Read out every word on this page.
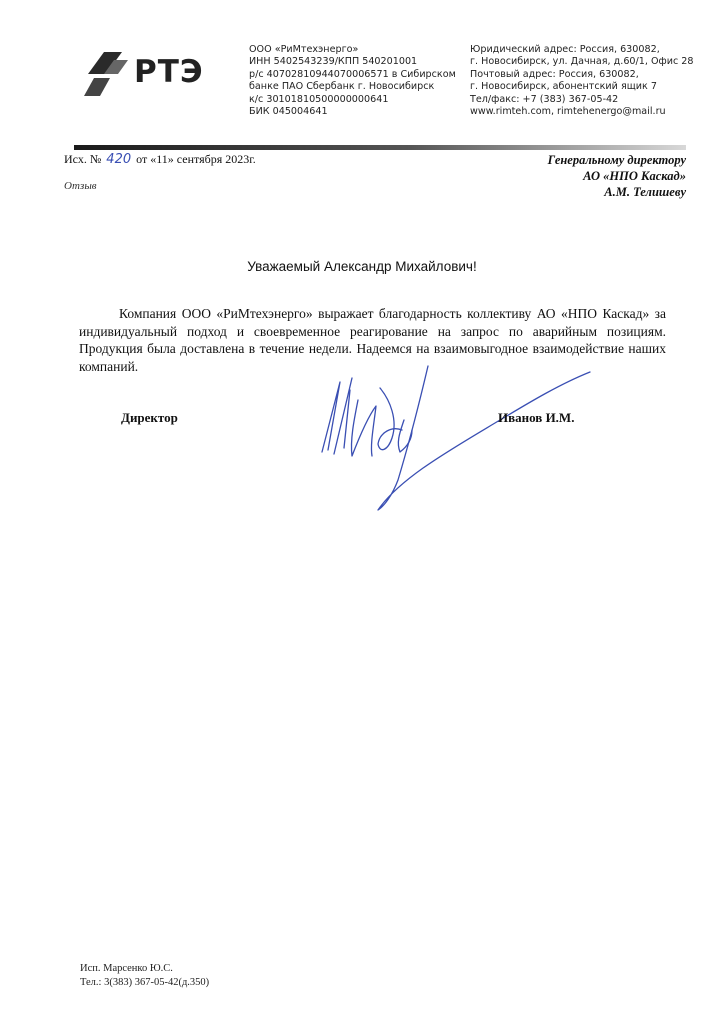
РТЭ
ООО «РиМтехэнерго»
ИНН 5402543239/КПП 540201001
р/с 40702810944070006571 в Сибирском
банке ПАО Сбербанк г. Новосибирск
к/с 30101810500000000641
БИК 045004641
Юридический адрес: Россия, 630082,
г. Новосибирск, ул. Дачная, д.60/1, Офис 28
Почтовый адрес: Россия, 630082,
г. Новосибирск, абонентский ящик 7
Тел/факс: +7 (383) 367-05-42
www.rimteh.com, rimtehenergo@mail.ru
Исх. № 420 от «11» сентября 2023г.
Отзыв
Генеральному директору
АО «НПО Каскад»
А.М. Телишеву
Уважаемый Александр Михайлович!
Компания ООО «РиМтехэнерго» выражает благодарность коллективу АО «НПО Каскад» за индивидуальный подход и своевременное реагирование на запрос по аварийным позициям. Продукция была доставлена в течение недели. Надеемся на взаимовыгодное взаимодействие наших компаний.
Директор	Иванов И.М.
Исп. Марсенко Ю.С.
Тел.: 3(383) 367-05-42(д.350)
